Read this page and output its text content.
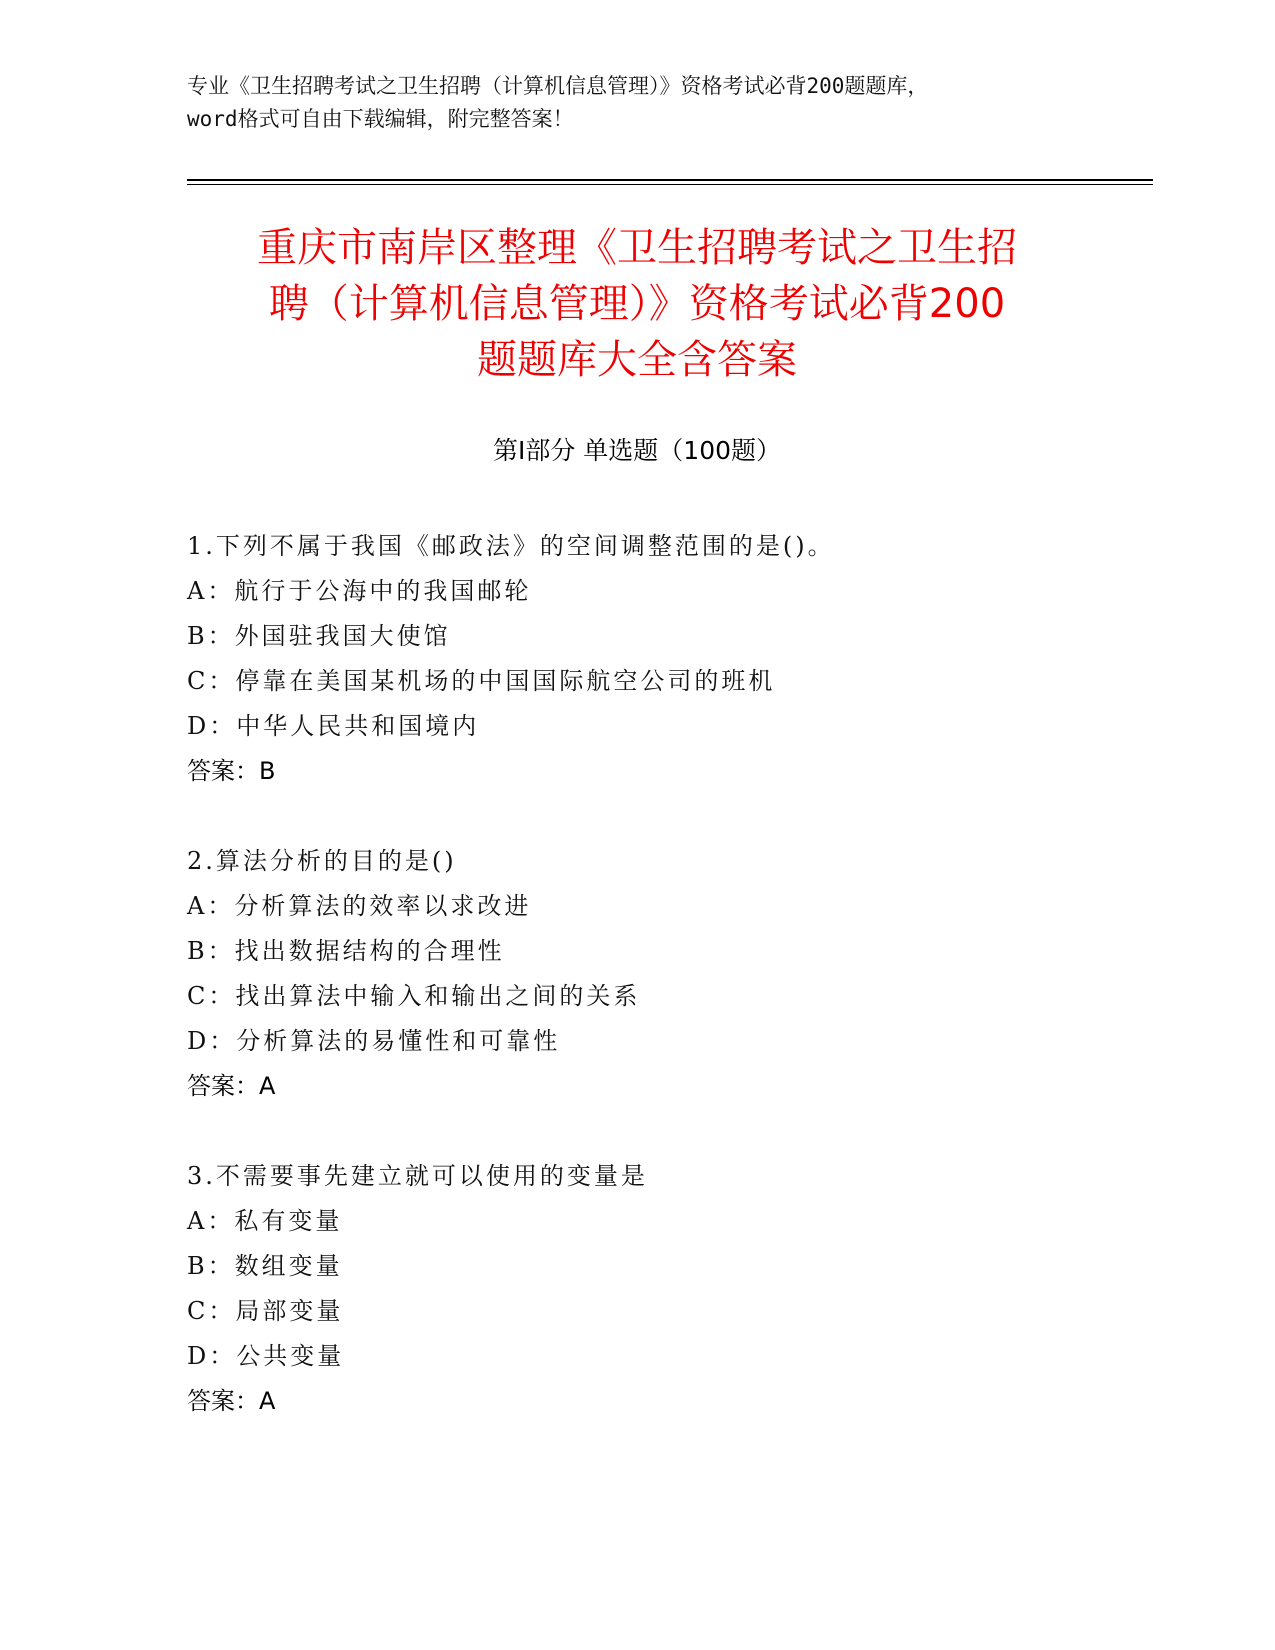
专业《卫生招聘考试之卫生招聘（计算机信息管理）》资格考试必背200题题库，
word格式可自由下载编辑，附完整答案！
重庆市南岸区整理《卫生招聘考试之卫生招
聘（计算机信息管理）》资格考试必背200
题题库大全含答案
第Ⅰ部分 单选题（100题）
1.下列不属于我国《邮政法》的空间调整范围的是()。
A：航行于公海中的我国邮轮
B：外国驻我国大使馆
C：停靠在美国某机场的中国国际航空公司的班机
D：中华人民共和国境内
答案：B
2.算法分析的目的是()
A：分析算法的效率以求改进
B：找出数据结构的合理性
C：找出算法中输入和输出之间的关系
D：分析算法的易懂性和可靠性
答案：A
3.不需要事先建立就可以使用的变量是
A：私有变量
B：数组变量
C：局部变量
D：公共变量
答案：A
